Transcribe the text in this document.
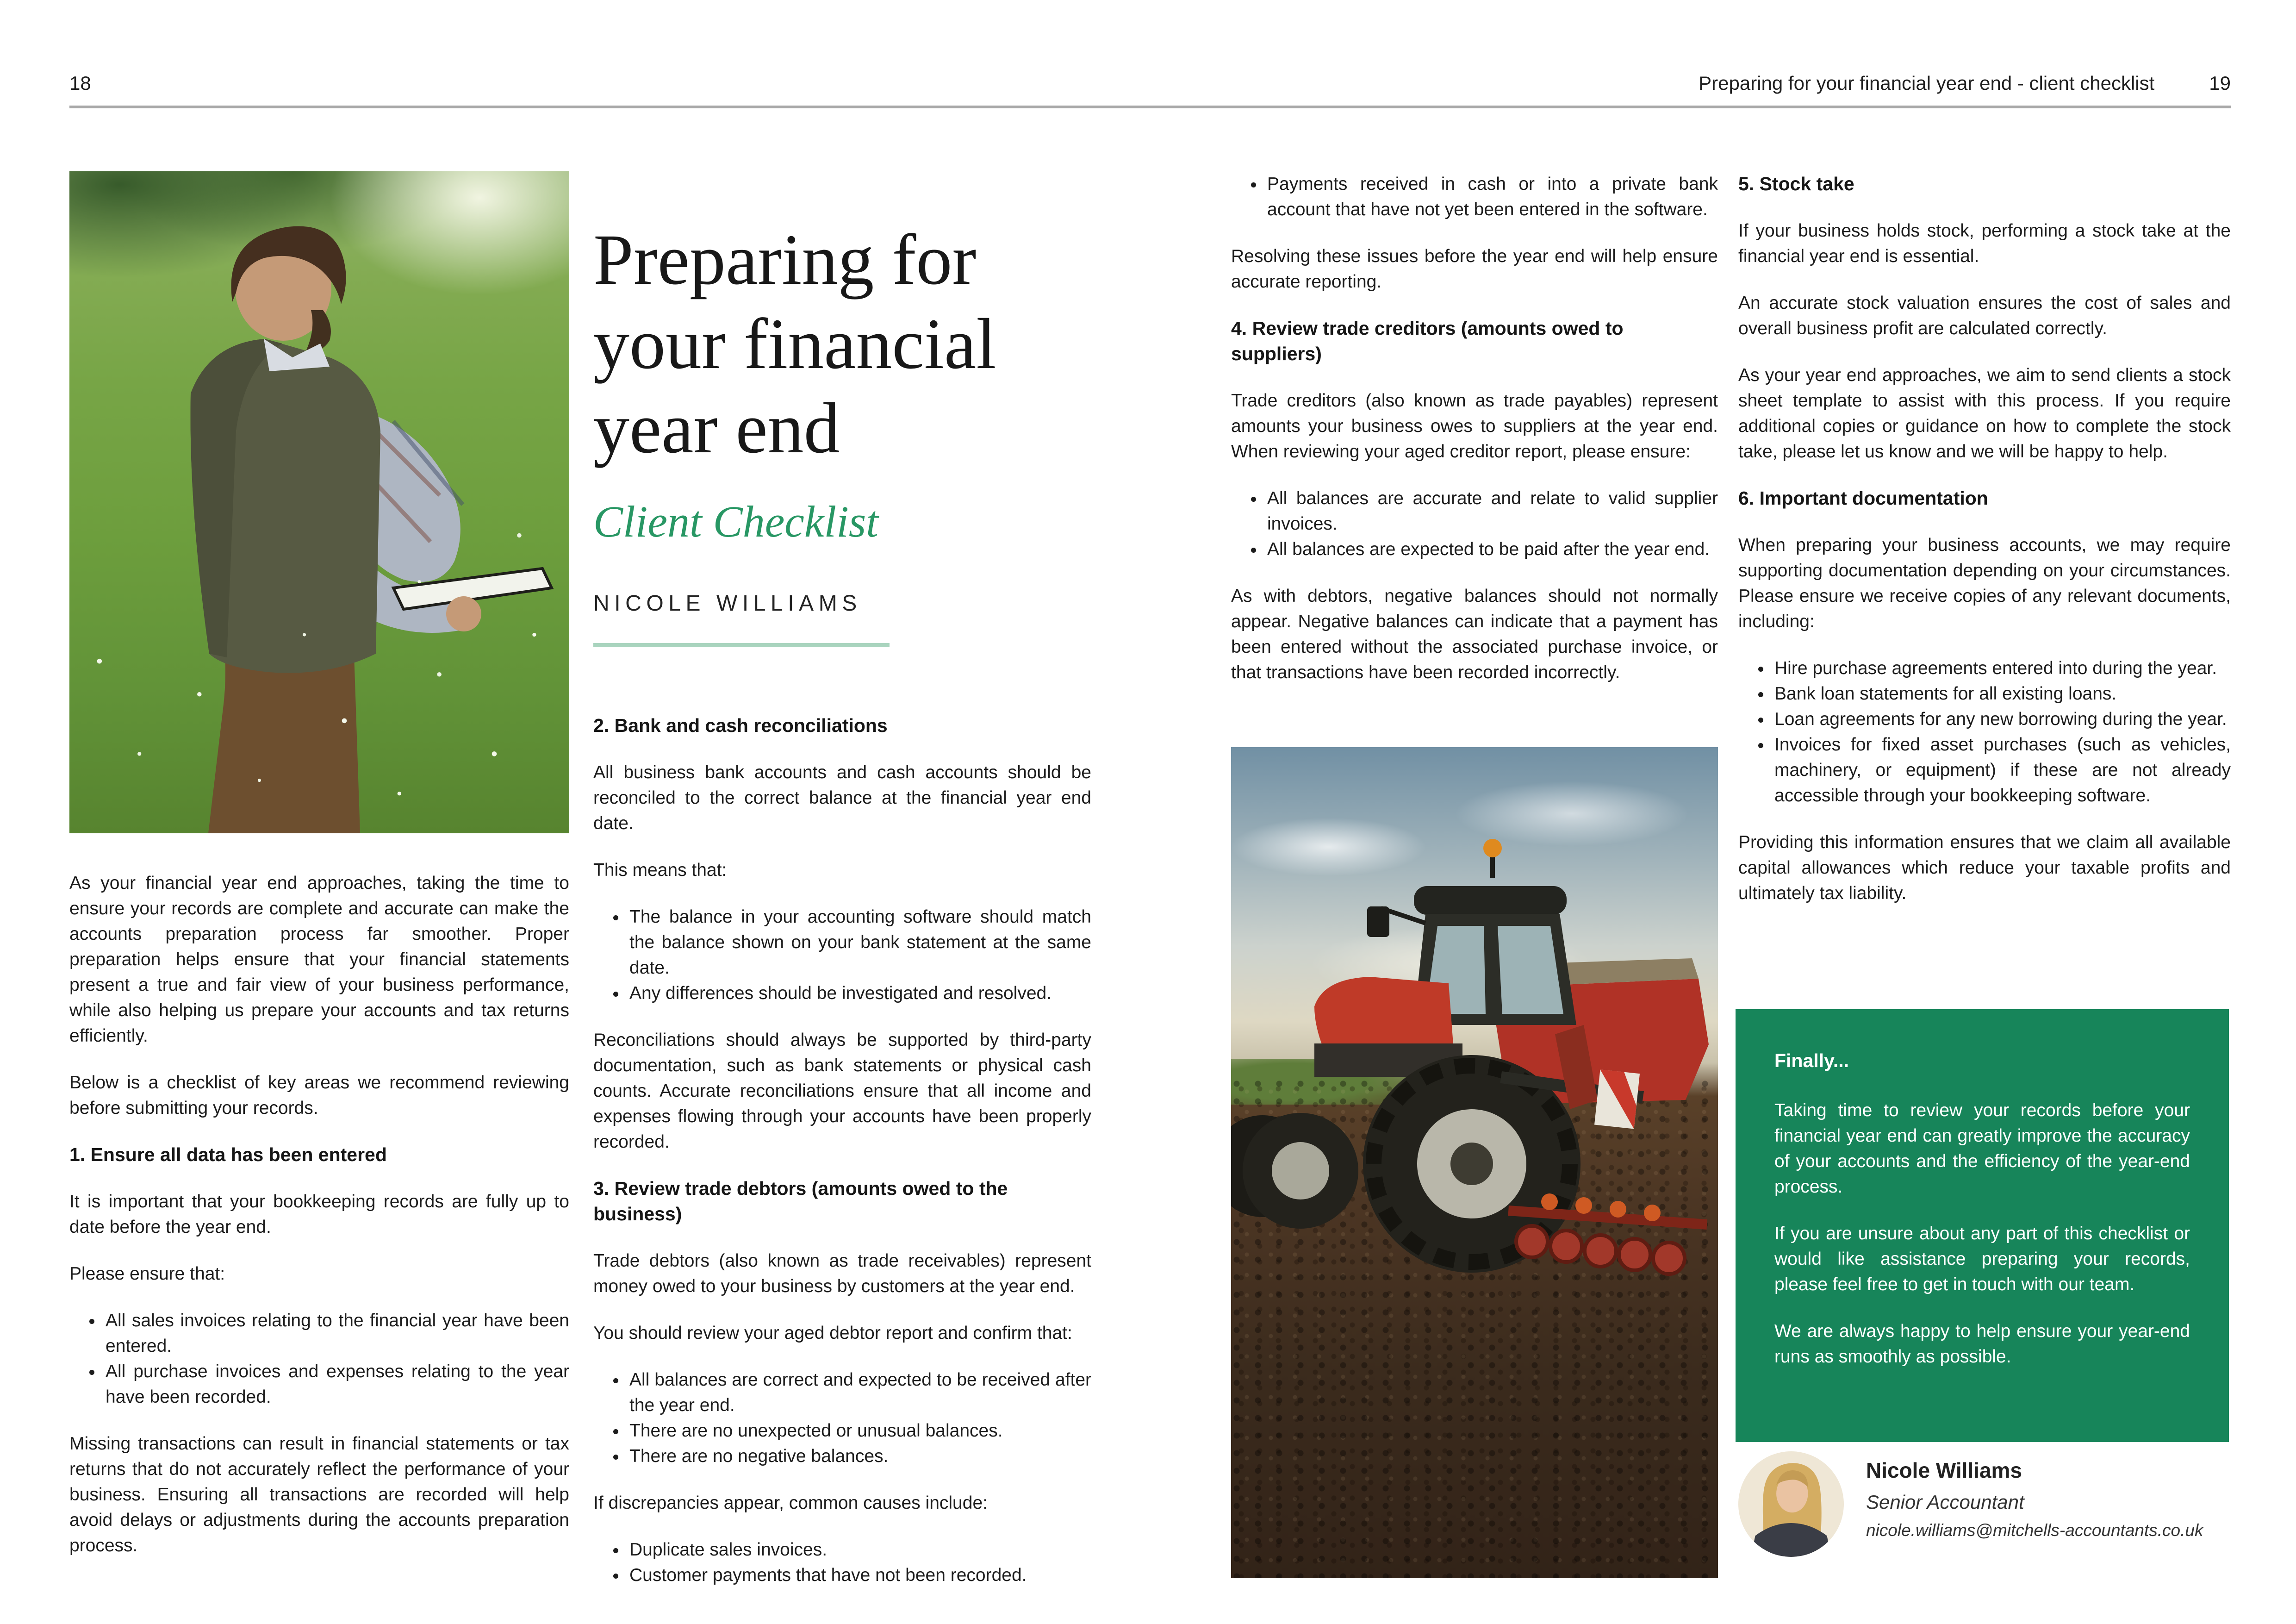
18	Preparing for your financial year end - client checklist	19
Preparing for
your financial
year end
Client Checklist
NICOLE WILLIAMS

As your financial year end approaches, taking the time to ensure your records are complete and accurate can make the accounts preparation process far smoother. Proper preparation helps ensure that your financial statements present a true and fair view of your business performance, while also helping us prepare your accounts and tax returns efficiently.

Below is a checklist of key areas we recommend reviewing before submitting your records.

1. Ensure all data has been entered

It is important that your bookkeeping records are fully up to date before the year end.

Please ensure that:

• All sales invoices relating to the financial year have been entered.
• All purchase invoices and expenses relating to the year have been recorded.

Missing transactions can result in financial statements or tax returns that do not accurately reflect the performance of your business. Ensuring all transactions are recorded will help avoid delays or adjustments during the accounts preparation process.

2. Bank and cash reconciliations

All business bank accounts and cash accounts should be reconciled to the correct balance at the financial year end date.

This means that:

• The balance in your accounting software should match the balance shown on your bank statement at the same date.
• Any differences should be investigated and resolved.

Reconciliations should always be supported by third-party documentation, such as bank statements or physical cash counts. Accurate reconciliations ensure that all income and expenses flowing through your accounts have been properly recorded.

3. Review trade debtors (amounts owed to the business)

Trade debtors (also known as trade receivables) represent money owed to your business by customers at the year end.

You should review your aged debtor report and confirm that:

• All balances are correct and expected to be received after the year end.
• There are no unexpected or unusual balances.
• There are no negative balances.

If discrepancies appear, common causes include:

• Duplicate sales invoices.
• Customer payments that have not been recorded.
• Payments received in cash or into a private bank account that have not yet been entered in the software.

Resolving these issues before the year end will help ensure accurate reporting.

4. Review trade creditors (amounts owed to suppliers)

Trade creditors (also known as trade payables) represent amounts your business owes to suppliers at the year end. When reviewing your aged creditor report, please ensure:

• All balances are accurate and relate to valid supplier invoices.
• All balances are expected to be paid after the year end.

As with debtors, negative balances should not normally appear. Negative balances can indicate that a payment has been entered without the associated purchase invoice, or that transactions have been recorded incorrectly.

5. Stock take

If your business holds stock, performing a stock take at the financial year end is essential.

An accurate stock valuation ensures the cost of sales and overall business profit are calculated correctly.

As your year end approaches, we aim to send clients a stock sheet template to assist with this process. If you require additional copies or guidance on how to complete the stock take, please let us know and we will be happy to help.

6. Important documentation

When preparing your business accounts, we may require supporting documentation depending on your circumstances. Please ensure we receive copies of any relevant documents, including:

• Hire purchase agreements entered into during the year.
• Bank loan statements for all existing loans.
• Loan agreements for any new borrowing during the year.
• Invoices for fixed asset purchases (such as vehicles, machinery, or equipment) if these are not already accessible through your bookkeeping software.

Providing this information ensures that we claim all available capital allowances which reduce your taxable profits and ultimately tax liability.

Finally...

Taking time to review your records before your financial year end can greatly improve the accuracy of your accounts and the efficiency of the year-end process.

If you are unsure about any part of this checklist or would like assistance preparing your records, please feel free to get in touch with our team.

We are always happy to help ensure your year-end runs as smoothly as possible.

Nicole Williams
Senior Accountant
nicole.williams@mitchells-accountants.co.uk
